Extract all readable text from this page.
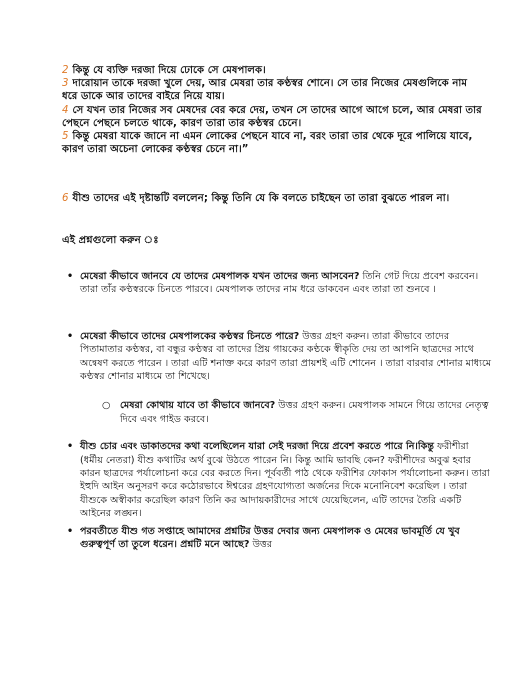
2 কিন্তু যে ব্যক্তি দরজা দিয়ে ঢোকে সে মেষপালক।

3 দারোয়ান তাকে দরজা খুলে দেয়, আর মেষরা তার কণ্ঠস্বর শোনে। সে তার নিজের মেষগুলিকে নাম ধরে ডাকে আর তাদের বাইরে নিয়ে যায়।

4 সে যখন তার নিজের সব মেষদের বের করে দেয়, তখন সে তাদের আগে আগে চলে, আর মেষরা তার পেছনে পেছনে চলতে থাকে, কারণ তারা তার কণ্ঠস্বর চেনে।

5 কিন্তু মেষরা যাকে জানে না এমন লোকের পেছনে যাবে না, বরং তারা তার থেকে দূরে পালিয়ে যাবে, কারণ তারা অচেনা লোকের কণ্ঠস্বর চেনে না।”

6 যীশু তাদের এই দৃষ্টান্তটি বললেন; কিন্তু তিনি যে কি বলতে চাইছেন তা তারা বুঝতে পারল না।

এই প্রশ্নগুলো করুন ঃ

• মেষেরা কীভাবে জানবে যে তাদের মেষপালক যখন তাদের জন্য আসবেন? তিনি গেট দিয়ে প্রবেশ করবেন। তারা তাঁর কণ্ঠস্বরকে চিনতে পারবে। মেষপালক তাদের নাম ধরে ডাকবেন এবং তারা তা শুনবে ।

• মেষেরা কীভাবে তাদের মেষপালকের কণ্ঠস্বর চিনতে পারে? উত্তর গ্রহণ করুন। তারা কীভাবে তাদের পিতামাতার কণ্ঠস্বর, বা বন্ধুর কণ্ঠস্বর বা তাদের প্রিয় গায়কের কণ্ঠকে স্বীকৃতি দেয় তা আপনি ছাত্রদের সাথে অন্বেষণ করতে পারেন । তারা এটি শনাক্ত করে কারণ তারা প্রায়শই এটি শোনেন । তারা বারবার শোনার মাধ্যমে কণ্ঠস্বর শোনার মাধ্যমে তা শিখেছে।

○ মেষরা কোথায় যাবে তা কীভাবে জানবে? উত্তর গ্রহণ করুন। মেষপালক সামনে গিয়ে তাদের নেতৃত্ব দিবে এবং গাইড করবে।

• যীশু চোর এবং ডাকাতদের কথা বলেছিলেন যারা সেই দরজা দিয়ে প্রবেশ করতে পারে নি।কিন্তু ফরীশীরা (ধর্মীয় নেতরা) যীশু কথাটির অর্থ বুঝে উঠতে পারেন নি। কিন্তু আমি ভাবছি কেন? ফরীশীদের অবুঝ হবার কারন ছাত্রদের পর্যালোচনা করে বের করতে দিন। পূর্ববর্তী পাঠ থেকে ফরীশির ফোকাস পর্যালোচনা করুন। তারা ইহুদি আইন অনুসরণ করে কঠোরভাবে ঈশ্বরের গ্রহণযোগ্যতা অর্জনের দিকে মনোনিবেশ করেছিল । তারা যীশুকে অস্বীকার করেছিল কারণ তিনি কর আদায়কারীদের সাথে যেয়েছিলেন, এটি তাদের তৈরি একটি আইনের লঙ্ঘন।

• পরবর্তীতে যীশু গত সপ্তাহে আমাদের প্রশ্নটির উত্তর দেবার জন্য মেষপালক ও মেষের ভাবমূর্তি যে খুব গুরুত্বপূর্ণ তা তুলে ধরেন। প্রশ্নটি মনে আছে? উত্তর
